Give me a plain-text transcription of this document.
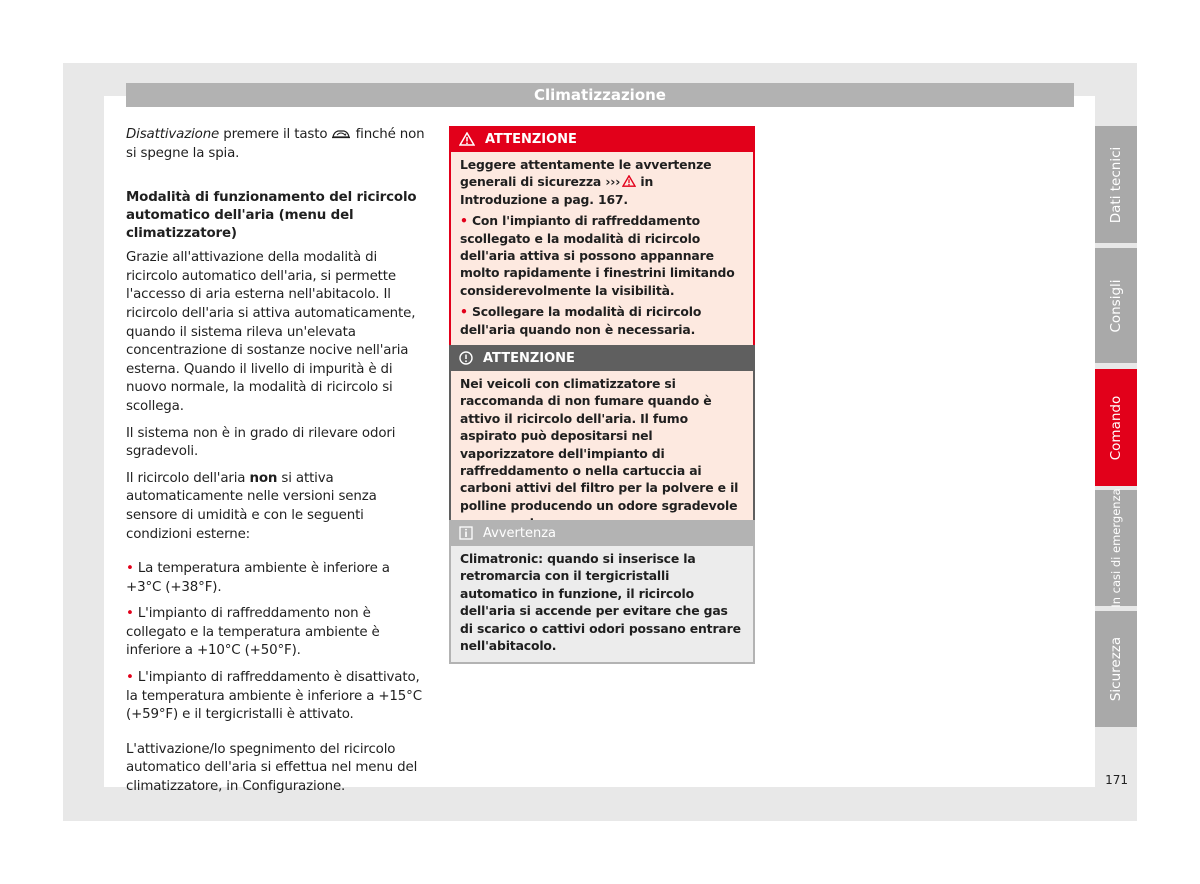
Climatizzazione

Disattivazione premere il tasto  finché non si spegne la spia.

Modalità di funzionamento del ricircolo automatico dell'aria (menu del climatizzatore)

Grazie all'attivazione della modalità di ricircolo automatico dell'aria, si permette l'accesso di aria esterna nell'abitacolo. Il ricircolo dell'aria si attiva automaticamente, quando il sistema rileva un'elevata concentrazione di sostanze nocive nell'aria esterna. Quando il livello di impurità è di nuovo normale, la modalità di ricircolo si scollega.

Il sistema non è in grado di rilevare odori sgradevoli.

Il ricircolo dell'aria non si attiva automaticamente nelle versioni senza sensore di umidità e con le seguenti condizioni esterne:

• La temperatura ambiente è inferiore a +3°C (+38°F).

• L'impianto di raffreddamento non è collegato e la temperatura ambiente è inferiore a +10°C (+50°F).

• L'impianto di raffreddamento è disattivato, la temperatura ambiente è inferiore a +15°C (+59°F) e il tergicristalli è attivato.

L'attivazione/lo spegnimento del ricircolo automatico dell'aria si effettua nel menu del climatizzatore, in Configurazione.

ATTENZIONE

Leggere attentamente le avvertenze generali di sicurezza ››› in Introduzione a pag. 167.

• Con l'impianto di raffreddamento scollegato e la modalità di ricircolo dell'aria attiva si possono appannare molto rapidamente i finestrini limitando considerevolmente la visibilità.

• Scollegare la modalità di ricircolo dell'aria quando non è necessaria.

ATTENZIONE

Nei veicoli con climatizzatore si raccomanda di non fumare quando è attivo il ricircolo dell'aria. Il fumo aspirato può depositarsi nel vaporizzatore dell'impianto di raffreddamento o nella cartuccia ai carboni attivi del filtro per la polvere e il polline producendo un odore sgradevole

Avvertenza

Climatronic: quando si inserisce la retromarcia con il tergicristalli automatico in funzione, il ricircolo dell'aria si accende per evitare che gas di scarico o cattivi odori possano entrare nell'abitacolo.

Dati tecnici
Consigli
Comando
In casi di emergenza
Sicurezza
171
